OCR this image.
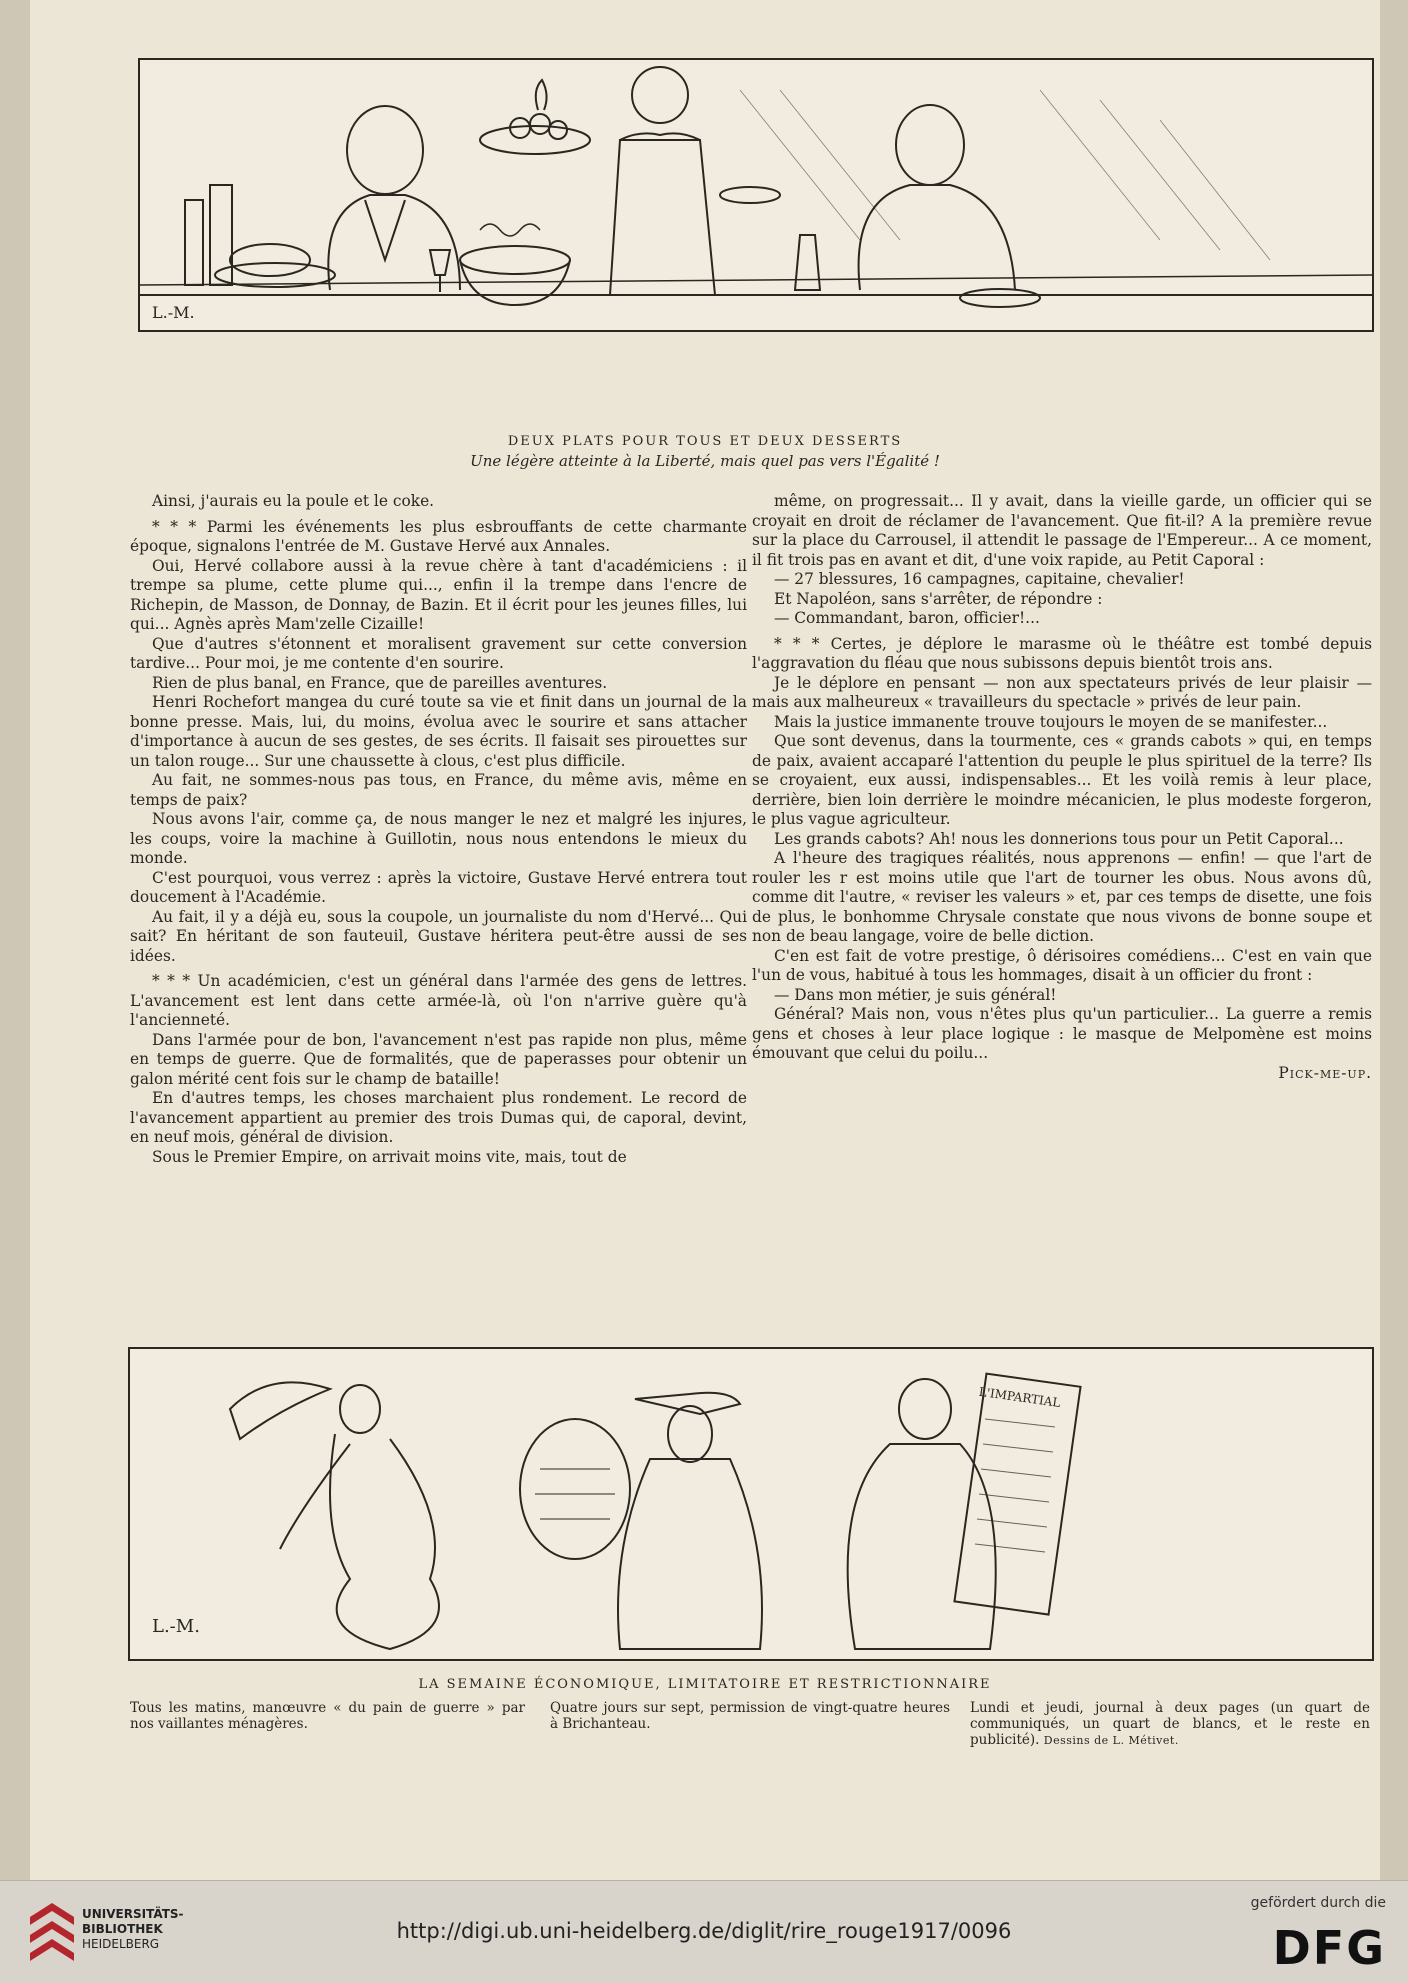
L.-M.
DEUX PLATS POUR TOUS ET DEUX DESSERTS
Une légère atteinte à la Liberté, mais quel pas vers l'Égalité !

Ainsi, j'aurais eu la poule et le coke.

* * * Parmi les événements les plus esbrouffants de cette charmante époque, signalons l'entrée de M. Gustave Hervé aux Annales.

Oui, Hervé collabore aussi à la revue chère à tant d'académiciens : il trempe sa plume, cette plume qui..., enfin il la trempe dans l'encre de Richepin, de Masson, de Donnay, de Bazin. Et il écrit pour les jeunes filles, lui qui... Agnès après Mam'zelle Cizaille!

Que d'autres s'étonnent et moralisent gravement sur cette conversion tardive... Pour moi, je me contente d'en sourire.

Rien de plus banal, en France, que de pareilles aventures.

Henri Rochefort mangea du curé toute sa vie et finit dans un journal de la bonne presse. Mais, lui, du moins, évolua avec le sourire et sans attacher d'importance à aucun de ses gestes, de ses écrits. Il faisait ses pirouettes sur un talon rouge... Sur une chaussette à clous, c'est plus difficile.

Au fait, ne sommes-nous pas tous, en France, du même avis, même en temps de paix?

Nous avons l'air, comme ça, de nous manger le nez et malgré les injures, les coups, voire la machine à Guillotin, nous nous entendons le mieux du monde.

C'est pourquoi, vous verrez : après la victoire, Gustave Hervé entrera tout doucement à l'Académie.

Au fait, il y a déjà eu, sous la coupole, un journaliste du nom d'Hervé... Qui sait? En héritant de son fauteuil, Gustave héritera peut-être aussi de ses idées.

* * * Un académicien, c'est un général dans l'armée des gens de lettres. L'avancement est lent dans cette armée-là, où l'on n'arrive guère qu'à l'ancienneté.

Dans l'armée pour de bon, l'avancement n'est pas rapide non plus, même en temps de guerre. Que de formalités, que de paperasses pour obtenir un galon mérité cent fois sur le champ de bataille!

En d'autres temps, les choses marchaient plus rondement. Le record de l'avancement appartient au premier des trois Dumas qui, de caporal, devint, en neuf mois, général de division.

Sous le Premier Empire, on arrivait moins vite, mais, tout de

même, on progressait... Il y avait, dans la vieille garde, un officier qui se croyait en droit de réclamer de l'avancement. Que fit-il? A la première revue sur la place du Carrousel, il attendit le passage de l'Empereur... A ce moment, il fit trois pas en avant et dit, d'une voix rapide, au Petit Caporal :

— 27 blessures, 16 campagnes, capitaine, chevalier!

Et Napoléon, sans s'arrêter, de répondre :

— Commandant, baron, officier!...

* * * Certes, je déplore le marasme où le théâtre est tombé depuis l'aggravation du fléau que nous subissons depuis bientôt trois ans.

Je le déplore en pensant — non aux spectateurs privés de leur plaisir — mais aux malheureux « travailleurs du spectacle » privés de leur pain.

Mais la justice immanente trouve toujours le moyen de se manifester...

Que sont devenus, dans la tourmente, ces « grands cabots » qui, en temps de paix, avaient accaparé l'attention du peuple le plus spirituel de la terre? Ils se croyaient, eux aussi, indispensables... Et les voilà remis à leur place, derrière, bien loin derrière le moindre mécanicien, le plus modeste forgeron, le plus vague agriculteur.

Les grands cabots? Ah! nous les donnerions tous pour un Petit Caporal...

A l'heure des tragiques réalités, nous apprenons — enfin! — que l'art de rouler les r est moins utile que l'art de tourner les obus. Nous avons dû, comme dit l'autre, « reviser les valeurs » et, par ces temps de disette, une fois de plus, le bonhomme Chrysale constate que nous vivons de bonne soupe et non de beau langage, voire de belle diction.

C'en est fait de votre prestige, ô dérisoires comédiens... C'est en vain que l'un de vous, habitué à tous les hommages, disait à un officier du front :

— Dans mon métier, je suis général!

Général? Mais non, vous n'êtes plus qu'un particulier... La guerre a remis gens et choses à leur place logique : le masque de Melpomène est moins émouvant que celui du poilu...

Pick-me-up.

L'IMPARTIAL
L.-M.
LA SEMAINE ÉCONOMIQUE, LIMITATOIRE ET RESTRICTIONNAIRE
Tous les matins, manœuvre « du pain de guerre » par nos vaillantes ménagères.
Quatre jours sur sept, permission de vingt-quatre heures à Brichanteau.
Lundi et jeudi, journal à deux pages (un quart de communiqués, un quart de blancs, et le reste en publicité). Dessins de L. Métivet.
UNIVERSITÄTS-
BIBLIOTHEK
HEIDELBERG
http://digi.ub.uni-heidelberg.de/diglit/rire_rouge1917/0096
gefördert durch die
DFG
